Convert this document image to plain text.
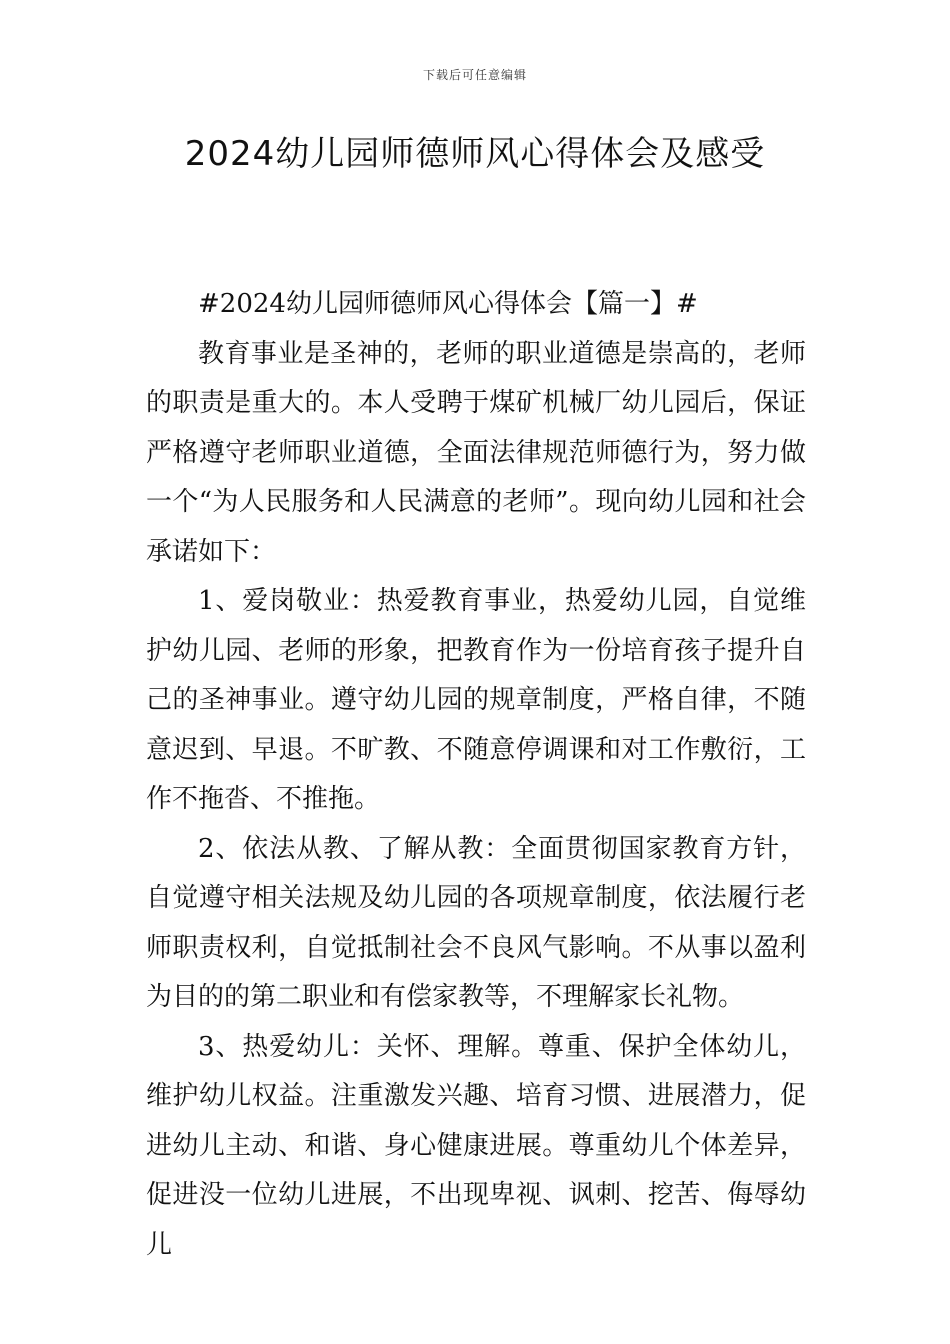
下载后可任意编辑
2024幼儿园师德师风心得体会及感受

#2024幼儿园师德师风心得体会【篇一】#

教育事业是圣神的，老师的职业道德是崇高的，老师的职责是重大的。本人受聘于煤矿机械厂幼儿园后，保证严格遵守老师职业道德，全面法律规范师德行为，努力做一个“为人民服务和人民满意的老师”。现向幼儿园和社会承诺如下：

1、爱岗敬业：热爱教育事业，热爱幼儿园，自觉维护幼儿园、老师的形象，把教育作为一份培育孩子提升自己的圣神事业。遵守幼儿园的规章制度，严格自律，不随意迟到、早退。不旷教、不随意停调课和对工作敷衍，工作不拖沓、不推拖。

2、依法从教、了解从教：全面贯彻国家教育方针，自觉遵守相关法规及幼儿园的各项规章制度，依法履行老师职责权利，自觉抵制社会不良风气影响。不从事以盈利为目的的第二职业和有偿家教等，不理解家长礼物。

3、热爱幼儿：关怀、理解。尊重、保护全体幼儿，维护幼儿权益。注重激发兴趣、培育习惯、进展潜力，促进幼儿主动、和谐、身心健康进展。尊重幼儿个体差异，促进没一位幼儿进展，不出现卑视、讽刺、挖苦、侮辱幼儿
